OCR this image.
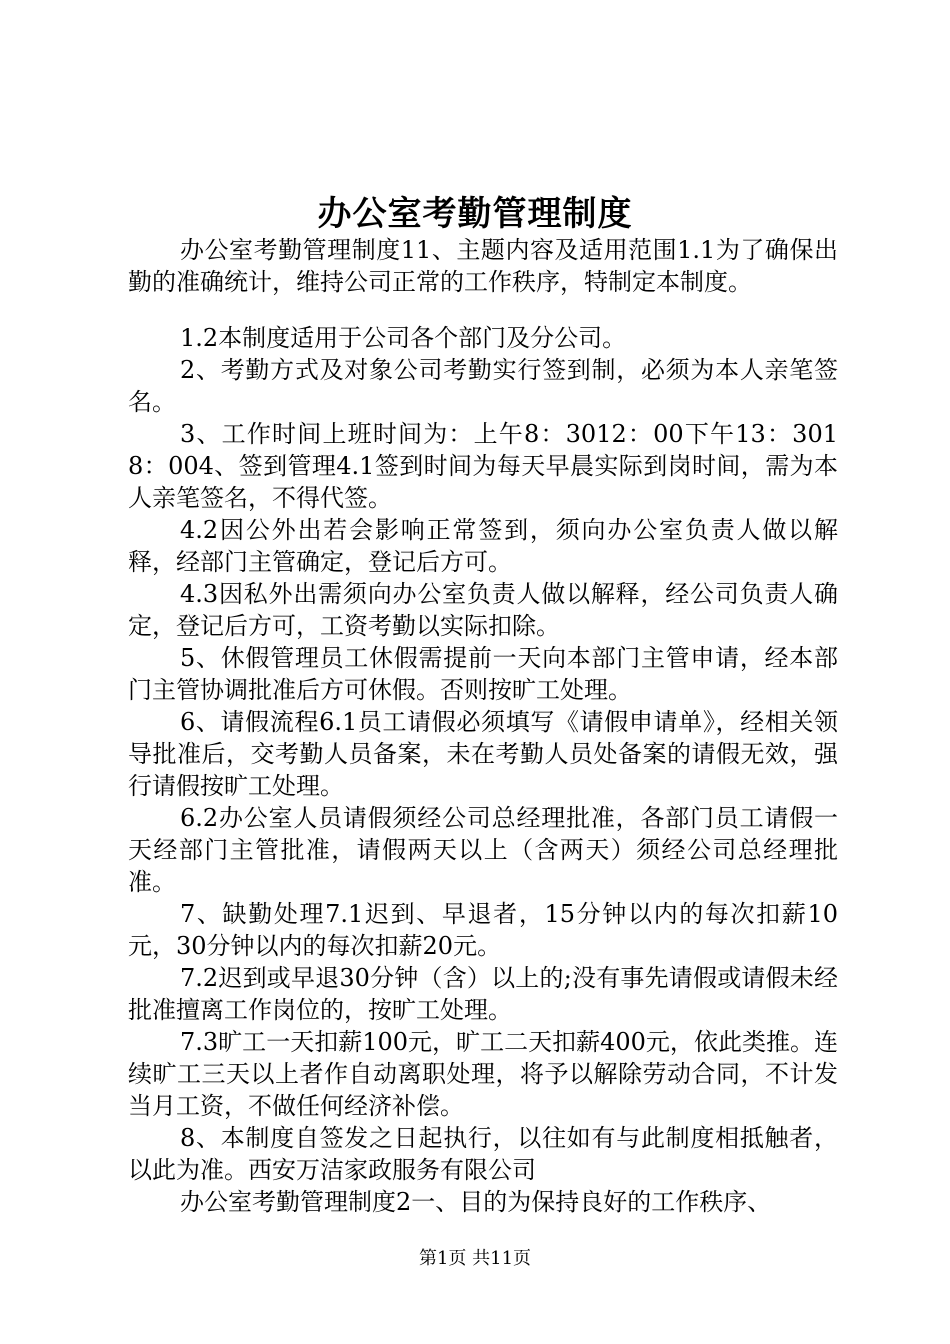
办公室考勤管理制度

办公室考勤管理制度11、主题内容及适用范围1.1为了确保出勤的准确统计，维持公司正常的工作秩序，特制定本制度。

1.2本制度适用于公司各个部门及分公司。

2、考勤方式及对象公司考勤实行签到制，必须为本人亲笔签名。

3、工作时间上班时间为：上午8：3012：00下午13：3018：004、签到管理4.1签到时间为每天早晨实际到岗时间，需为本人亲笔签名，不得代签。

4.2因公外出若会影响正常签到，须向办公室负责人做以解释，经部门主管确定，登记后方可。

4.3因私外出需须向办公室负责人做以解释，经公司负责人确定，登记后方可，工资考勤以实际扣除。

5、休假管理员工休假需提前一天向本部门主管申请，经本部门主管协调批准后方可休假。否则按旷工处理。

6、请假流程6.1员工请假必须填写《请假申请单》，经相关领导批准后，交考勤人员备案，未在考勤人员处备案的请假无效，强行请假按旷工处理。

6.2办公室人员请假须经公司总经理批准，各部门员工请假一天经部门主管批准，请假两天以上（含两天）须经公司总经理批准。

7、缺勤处理7.1迟到、早退者，15分钟以内的每次扣薪10元，30分钟以内的每次扣薪20元。

7.2迟到或早退30分钟（含）以上的;没有事先请假或请假未经批准擅离工作岗位的，按旷工处理。

7.3旷工一天扣薪100元，旷工二天扣薪400元，依此类推。连续旷工三天以上者作自动离职处理，将予以解除劳动合同，不计发当月工资，不做任何经济补偿。

8、本制度自签发之日起执行，以往如有与此制度相抵触者，以此为准。西安万洁家政服务有限公司

办公室考勤管理制度2一、目的为保持良好的工作秩序、

第1页 共11页
